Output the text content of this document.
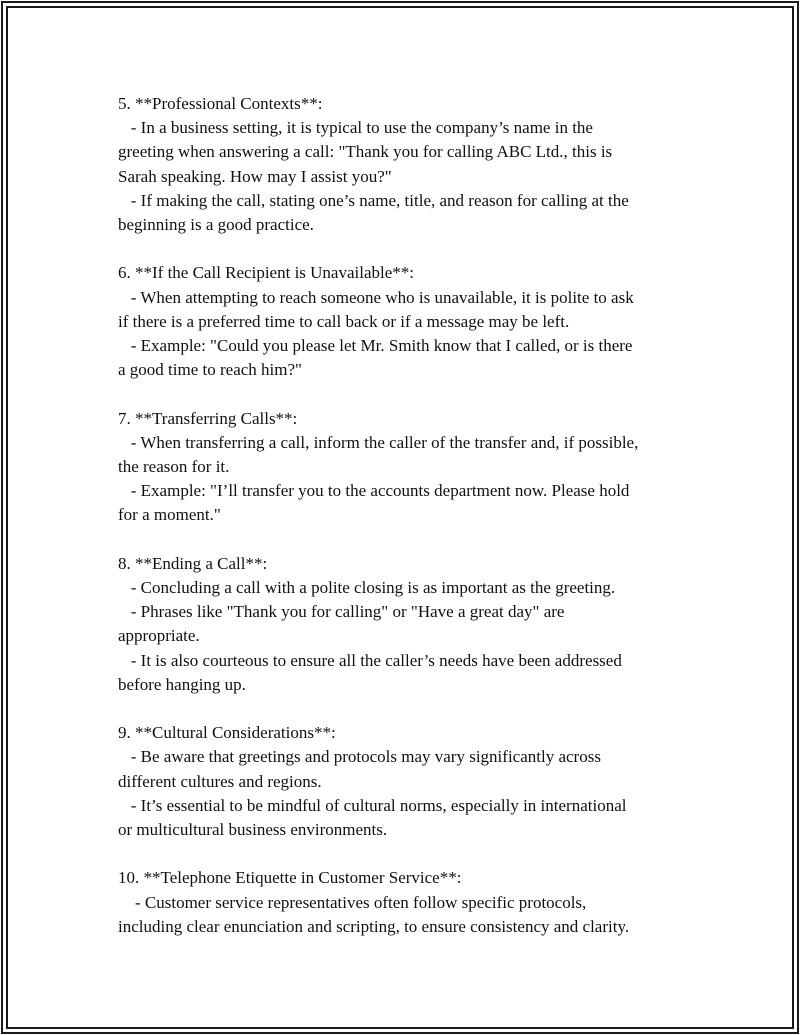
5. **Professional Contexts**:
- In a business setting, it is typical to use the company’s name in the
greeting when answering a call: "Thank you for calling ABC Ltd., this is
Sarah speaking. How may I assist you?"
- If making the call, stating one’s name, title, and reason for calling at the
beginning is a good practice.
6. **If the Call Recipient is Unavailable**:
- When attempting to reach someone who is unavailable, it is polite to ask
if there is a preferred time to call back or if a message may be left.
- Example: "Could you please let Mr. Smith know that I called, or is there
a good time to reach him?"
7. **Transferring Calls**:
- When transferring a call, inform the caller of the transfer and, if possible,
the reason for it.
- Example: "I’ll transfer you to the accounts department now. Please hold
for a moment."
8. **Ending a Call**:
- Concluding a call with a polite closing is as important as the greeting.
- Phrases like "Thank you for calling" or "Have a great day" are
appropriate.
- It is also courteous to ensure all the caller’s needs have been addressed
before hanging up.
9. **Cultural Considerations**:
- Be aware that greetings and protocols may vary significantly across
different cultures and regions.
- It’s essential to be mindful of cultural norms, especially in international
or multicultural business environments.
10. **Telephone Etiquette in Customer Service**:
- Customer service representatives often follow specific protocols,
including clear enunciation and scripting, to ensure consistency and clarity.
